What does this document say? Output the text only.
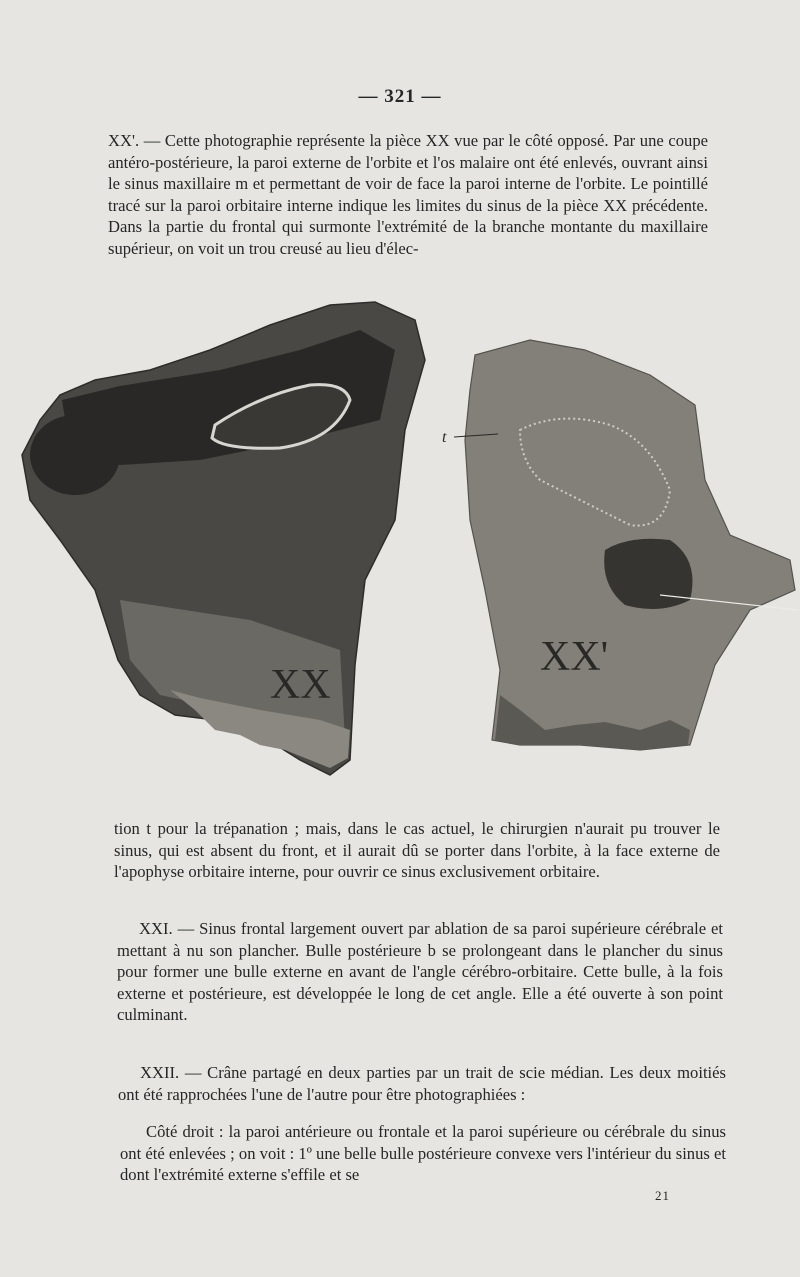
— 321 —

XX'. — Cette photographie représente la pièce XX vue par le côté opposé. Par une coupe antéro-postérieure, la paroi externe de l'orbite et l'os malaire ont été enlevés, ouvrant ainsi le sinus maxillaire m et permettant de voir de face la paroi interne de l'orbite. Le pointillé tracé sur la paroi orbitaire interne indique les limites du sinus de la pièce XX précédente. Dans la partie du frontal qui surmonte l'extrémité de la branche montante du maxillaire supérieur, on voit un trou creusé au lieu d'élec-

XX
XX'
t

tion t pour la trépanation ; mais, dans le cas actuel, le chirurgien n'aurait pu trouver le sinus, qui est absent du front, et il aurait dû se porter dans l'orbite, à la face externe de l'apophyse orbitaire interne, pour ouvrir ce sinus exclusivement orbitaire.

XXI. — Sinus frontal largement ouvert par ablation de sa paroi supérieure cérébrale et mettant à nu son plancher. Bulle postérieure b se prolongeant dans le plancher du sinus pour former une bulle externe en avant de l'angle cérébro-orbitaire. Cette bulle, à la fois externe et postérieure, est développée le long de cet angle. Elle a été ouverte à son point culminant.

XXII. — Crâne partagé en deux parties par un trait de scie médian. Les deux moitiés ont été rapprochées l'une de l'autre pour être photographiées :

Côté droit : la paroi antérieure ou frontale et la paroi supérieure ou cérébrale du sinus ont été enlevées ; on voit : 1º une belle bulle postérieure convexe vers l'intérieur du sinus et dont l'extrémité externe s'effile et se

21
